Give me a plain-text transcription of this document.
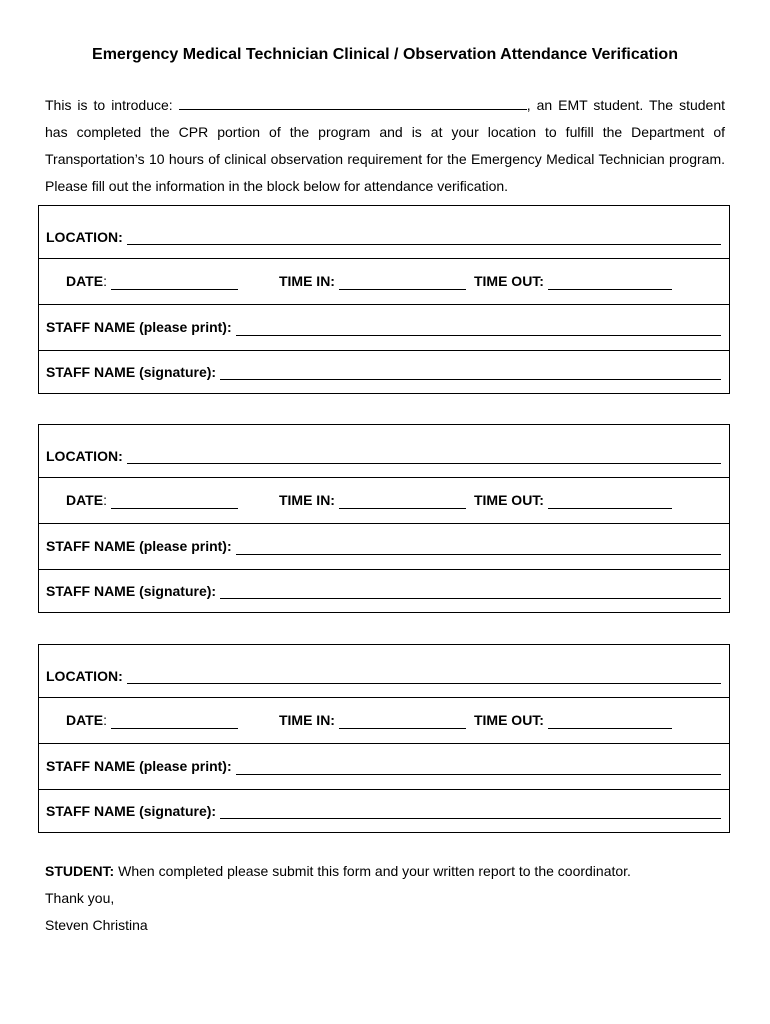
Emergency Medical Technician Clinical / Observation Attendance Verification
This is to introduce:	, an EMT student. The student has completed the CPR portion of the program and is at your location to fulfill the Department of Transportation’s 10 hours of clinical observation requirement for the Emergency Medical Technician program. Please fill out the information in the block below for attendance verification.
LOCATION:
DATE :	TIME IN:	TIME OUT:
STAFF NAME (please print):
STAFF NAME (signature):
LOCATION:
DATE :	TIME IN:	TIME OUT:
STAFF NAME (please print):
STAFF NAME (signature):
LOCATION:
DATE :	TIME IN:	TIME OUT:
STAFF NAME (please print):
STAFF NAME (signature):
STUDENT: When completed please submit this form and your written report to the coordinator.
Thank you,
Steven Christina
